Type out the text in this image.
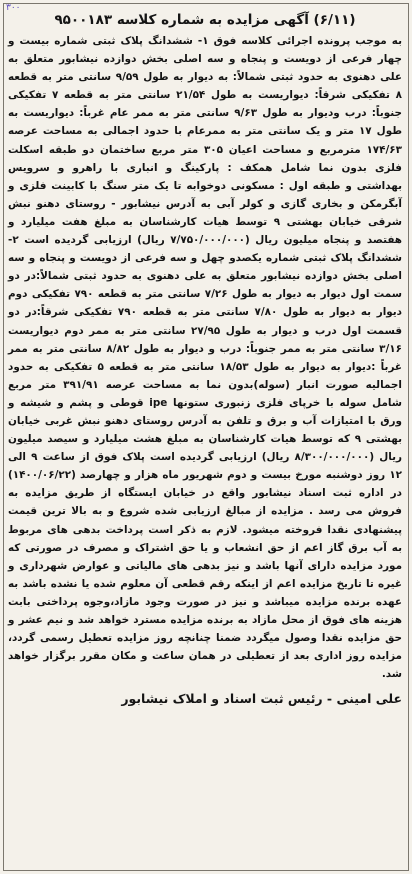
۳۰۰
(۶/۱۱) آگهی مزایده به شماره کلاسه ۹۵۰۰۱۸۳

به موجب پرونده اجرائی کلاسه فوق ۱- ششدانگ پلاک ثبتی شماره بیست و چهار فرعی از دویست و پنجاه و سه اصلی بخش دوازده نیشابور متعلق به علی دهنوی به حدود ثبتی شمالاً: به دیوار به طول ۹/۵۹ سانتی متر به قطعه ۸ تفکیکی شرقاً: دیواریست به طول ۲۱/۵۴ سانتی متر به قطعه ۷ تفکیکی جنوباً: درب ودیوار به طول ۹/۶۳ سانتی متر به ممر عام غرباً: دیواریست به طول ۱۷ متر و یک سانتی متر به ممرعام با حدود اجمالی به مساحت عرصه ۱۷۴/۶۳ مترمربع و مساحت اعیان ۳۰۵ متر مربع ساختمان دو طبقه اسکلت فلزی بدون نما شامل همکف : پارکینگ و انباری با راهرو و سرویس بهداشتی و طبقه اول : مسکونی دوخوابه تا یک متر سنگ با کابینت فلزی و آبگرمکن و بخاری گازی و کولر آبی به آدرس نیشابور - روستای دهنو نبش شرقی خیابان بهشتی ۹ توسط هیات کارشناسان به مبلغ هفت میلیارد و هفتصد و پنجاه میلیون ریال (۷/۷۵۰/۰۰۰/۰۰۰ ریال) ارزیابی گردیده است ۲- ششدانگ پلاک ثبتی شماره یکصدو چهل و سه فرعی از دویست و پنجاه و سه اصلی بخش دوازده نیشابور متعلق به علی دهنوی به حدود ثبتی شمالاً:در دو سمت اول دیوار به دیوار به طول ۷/۲۶ سانتی متر به قطعه ۷۹۰ تفکیکی دوم دیوار به دیوار به طول ۷/۸۰ سانتی متر به قطعه ۷۹۰ تفکیکی شرقاً:در دو قسمت اول درب و دیوار به طول ۲۷/۹۵ سانتی متر به ممر دوم دیواریست ۳/۱۶ سانتی متر به ممر جنوباً: درب و دیوار به طول ۸/۸۲ سانتی متر به ممر غرباً :دیوار به دیوار به طول ۱۸/۵۳ سانتی متر به قطعه ۵ تفکیکی به حدود اجمالیه صورت انبار (سوله)بدون نما به مساحت عرصه ۳۹۱/۹۱ متر مربع شامل سوله با خرپای فلزی زنبوری ستونها ipe قوطی و پشم و شیشه و ورق با امتیازات آب و برق و تلفن به آدرس روستای دهنو نبش غربی خیابان بهشتی ۹ که توسط هیات کارشناسان به مبلغ هشت میلیارد و سیصد میلیون ریال (۸/۳۰۰/۰۰۰/۰۰۰ ریال) ارزیابی گردیده است پلاک فوق از ساعت ۹ الی ۱۲ روز دوشنبه مورخ بیست و دوم شهریور ماه هزار و چهارصد (۱۴۰۰/۰۶/۲۲) در اداره ثبت اسناد نیشابور واقع در خیابان ایستگاه از طریق مزایده به فروش می رسد . مزایده از مبالغ ارزیابی شده شروع و به بالا ترین قیمت پیشنهادی نقدا فروخته میشود. لازم به ذکر است پرداخت بدهی های مربوط به آب برق گاز اعم از حق انشعاب و یا حق اشتراک و مصرف در صورتی که مورد مزایده دارای آنها باشد و نیز بدهی های مالیاتی و عوارض شهرداری و غیره تا تاریخ مزایده اعم از اینکه رقم قطعی آن معلوم شده یا نشده باشد به عهده برنده مزایده میباشد و نیز در صورت وجود مازاد،وجوه پرداختی بابت هزینه های فوق از محل مازاد به برنده مزایده مسترد خواهد شد و نیم عشر و حق مزایده نقدا وصول میگردد ضمنا چنانچه روز مزایده تعطیل رسمی گردد، مزایده روز اداری بعد از تعطیلی در همان ساعت و مکان مقرر برگزار خواهد شد.

علی امینی - رئیس ثبت اسناد و املاک نیشابور
